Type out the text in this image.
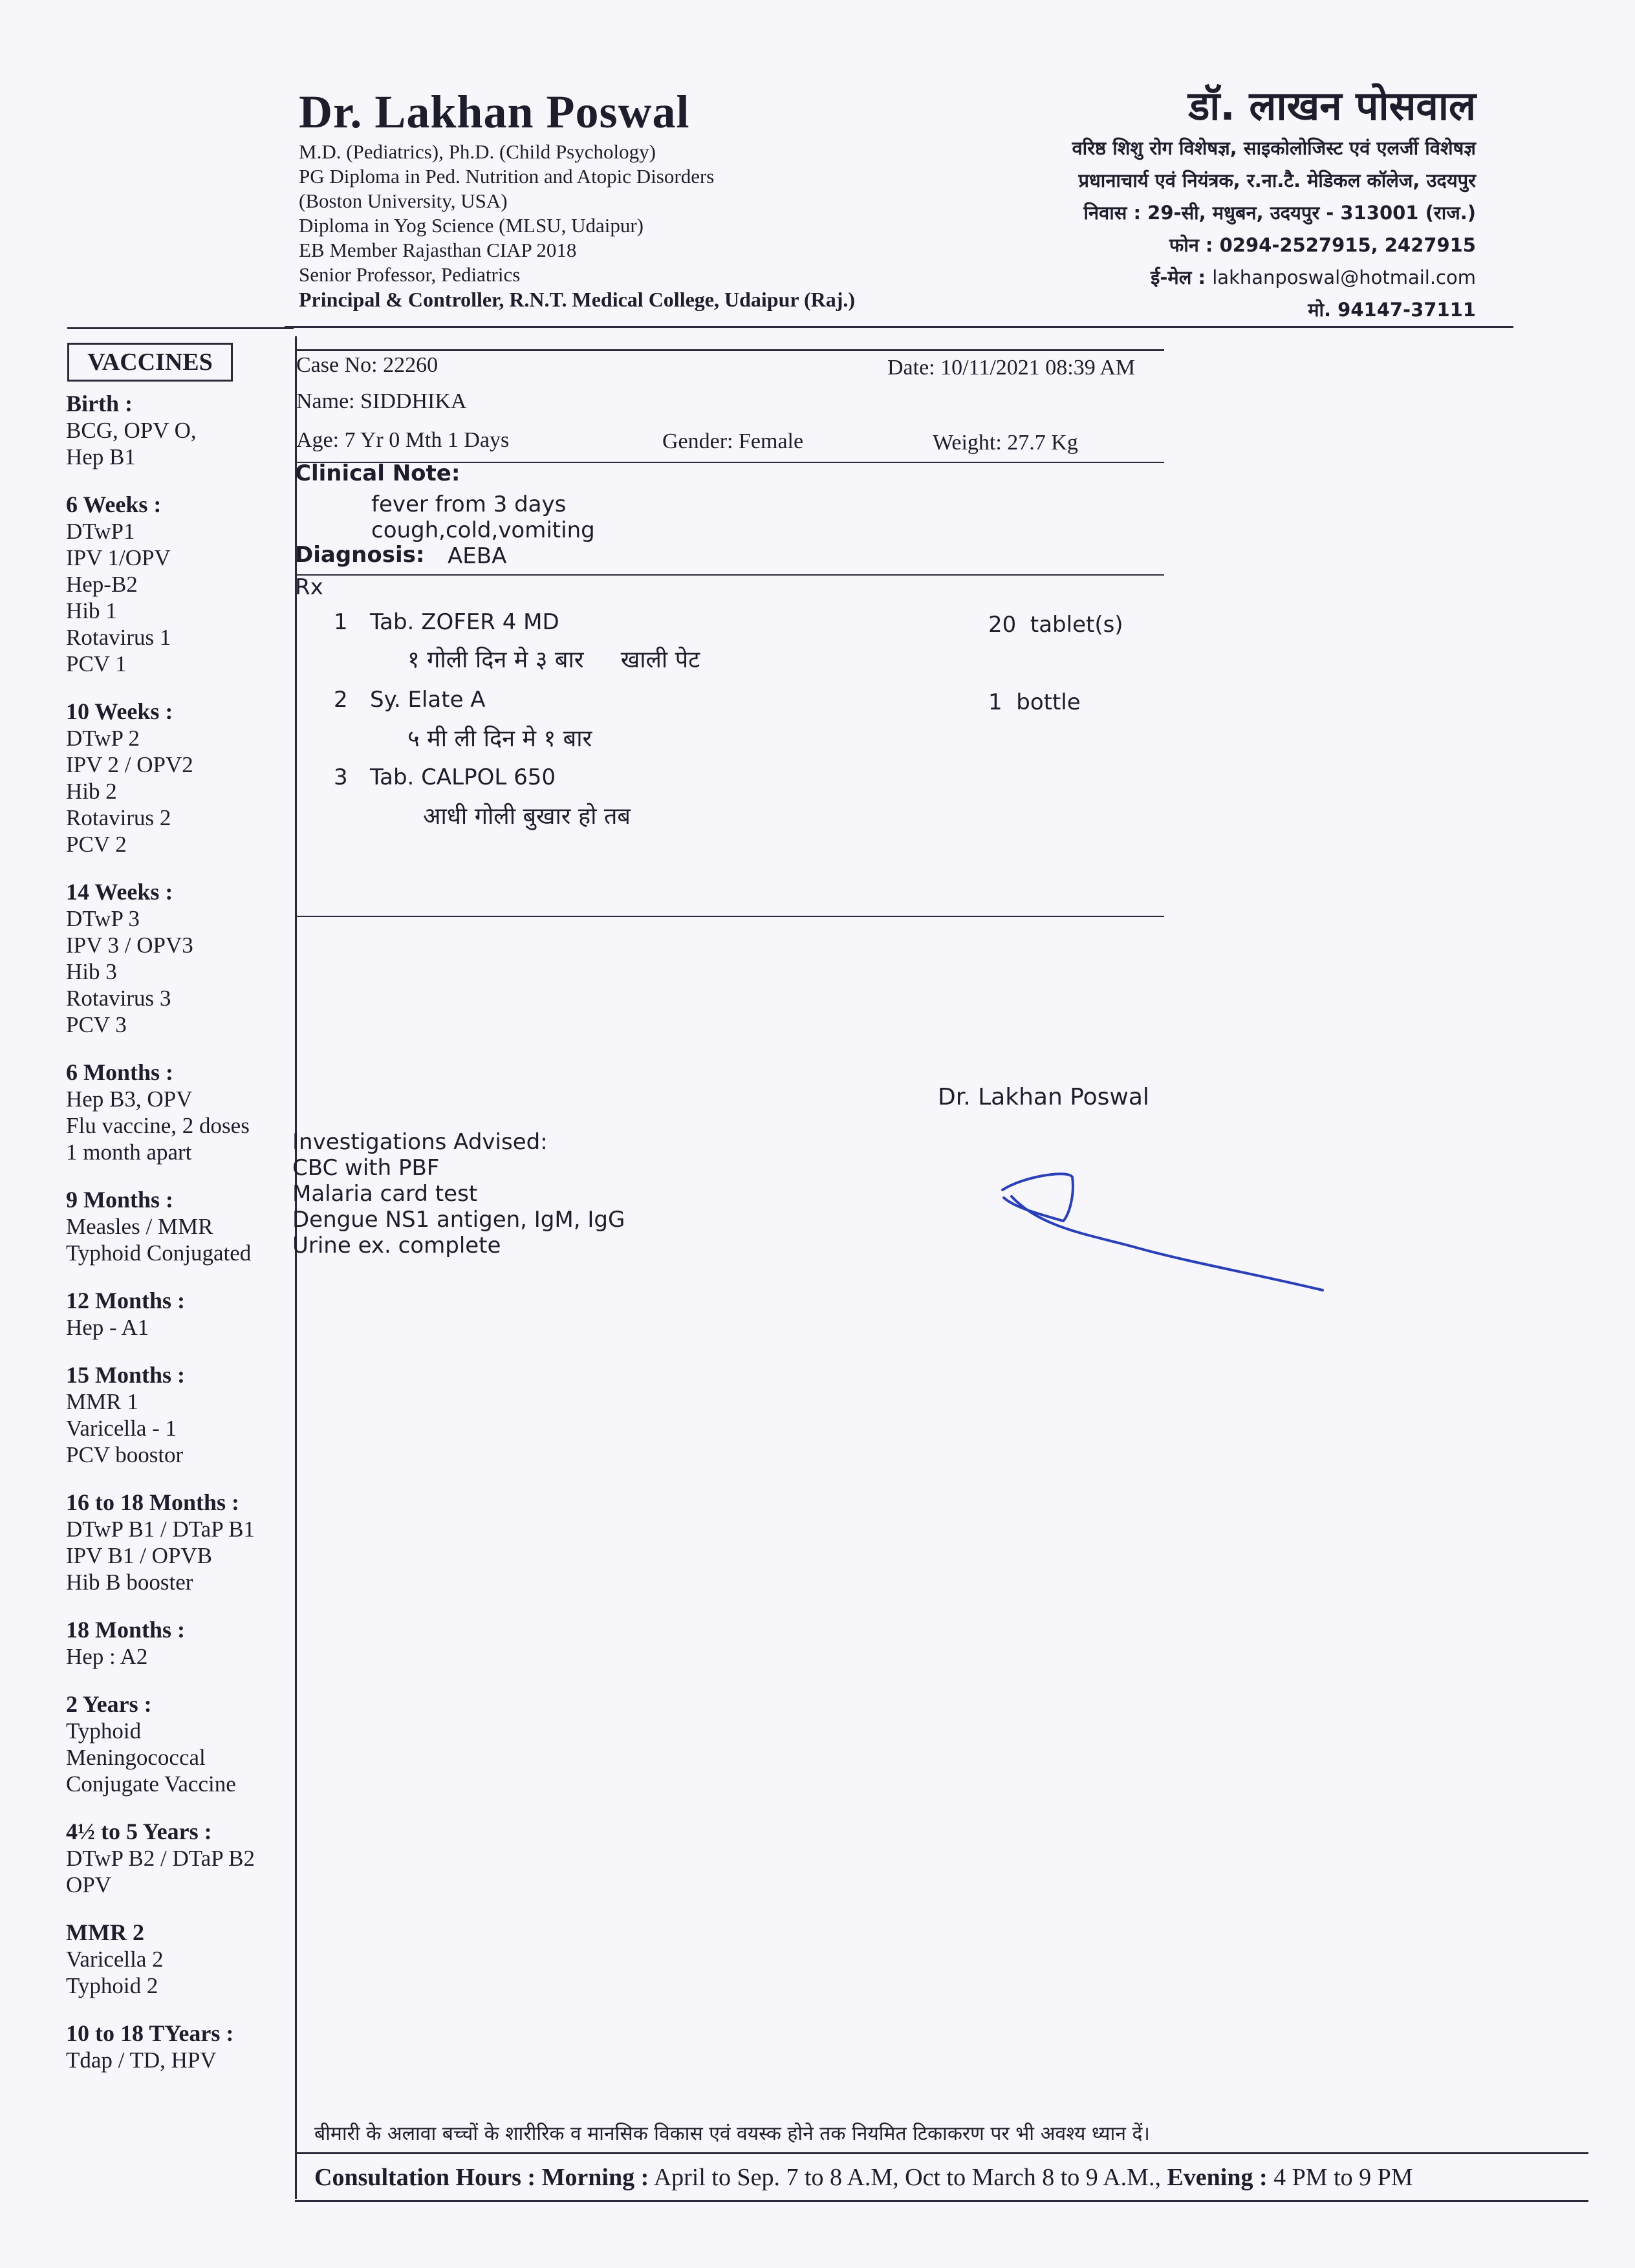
Dr. Lakhan Poswal
M.D. (Pediatrics), Ph.D. (Child Psychology)
PG Diploma in Ped. Nutrition and Atopic Disorders
(Boston University, USA)
Diploma in Yog Science (MLSU, Udaipur)
EB Member Rajasthan CIAP 2018
Senior Professor, Pediatrics
Principal & Controller, R.N.T. Medical College, Udaipur (Raj.)
डॉ. लाखन पोसवाल
वरिष्ठ शिशु रोग विशेषज्ञ, साइकोलोजिस्ट एवं एलर्जी विशेषज्ञ
प्रधानाचार्य एवं नियंत्रक, र.ना.टै. मेडिकल कॉलेज, उदयपुर
निवास : 29-सी, मधुबन, उदयपुर - 313001 (राज.)
फोन : 0294-2527915, 2427915
ई-मेल : lakhanposwal@hotmail.com
मो. 94147-37111
VACCINES
Birth :
BCG, OPV O,
Hep B1
6 Weeks :
DTwP1
IPV 1/OPV
Hep-B2
Hib 1
Rotavirus 1
PCV 1
10 Weeks :
DTwP 2
IPV 2 / OPV2
Hib 2
Rotavirus 2
PCV 2
14 Weeks :
DTwP 3
IPV 3 / OPV3
Hib 3
Rotavirus 3
PCV 3
6 Months :
Hep B3, OPV
Flu vaccine, 2 doses
1 month apart
9 Months :
Measles / MMR
Typhoid Conjugated
12 Months :
Hep - A1
15 Months :
MMR 1
Varicella - 1
PCV boostor
16 to 18 Months :
DTwP B1 / DTaP B1
IPV B1 / OPVB
Hib B booster
18 Months :
Hep : A2
2 Years :
Typhoid
Meningococcal
Conjugate Vaccine
4½ to 5 Years :
DTwP B2 / DTaP B2
OPV
MMR 2
Varicella 2
Typhoid 2
10 to 18 TYears :
Tdap / TD, HPV
Case No: 22260	Date: 10/11/2021 08:39 AM
Name: SIDDHIKA
Age: 7 Yr 0 Mth 1 Days	Gender: Female	Weight: 27.7 Kg
Clinical Note:
fever from 3 days
cough,cold,vomiting
Diagnosis: AEBA
Rx
1 Tab. ZOFER 4 MD	20  tablet(s)
१ गोली दिन मे ३ बार     खाली पेट
2 Sy. Elate A	1  bottle
५ मी ली दिन मे १ बार
3 Tab. CALPOL 650
आधी गोली बुखार हो तब
Dr. Lakhan Poswal
Investigations Advised:
CBC with PBF
Malaria card test
Dengue NS1 antigen, IgM, IgG
Urine ex. complete
बीमारी के अलावा बच्चों के शारीरिक व मानसिक विकास एवं वयस्क होने तक नियमित टिकाकरण पर भी अवश्य ध्यान दें।
Consultation Hours : Morning : April to Sep. 7 to 8 A.M, Oct to March 8 to 9 A.M., Evening : 4 PM to 9 PM
